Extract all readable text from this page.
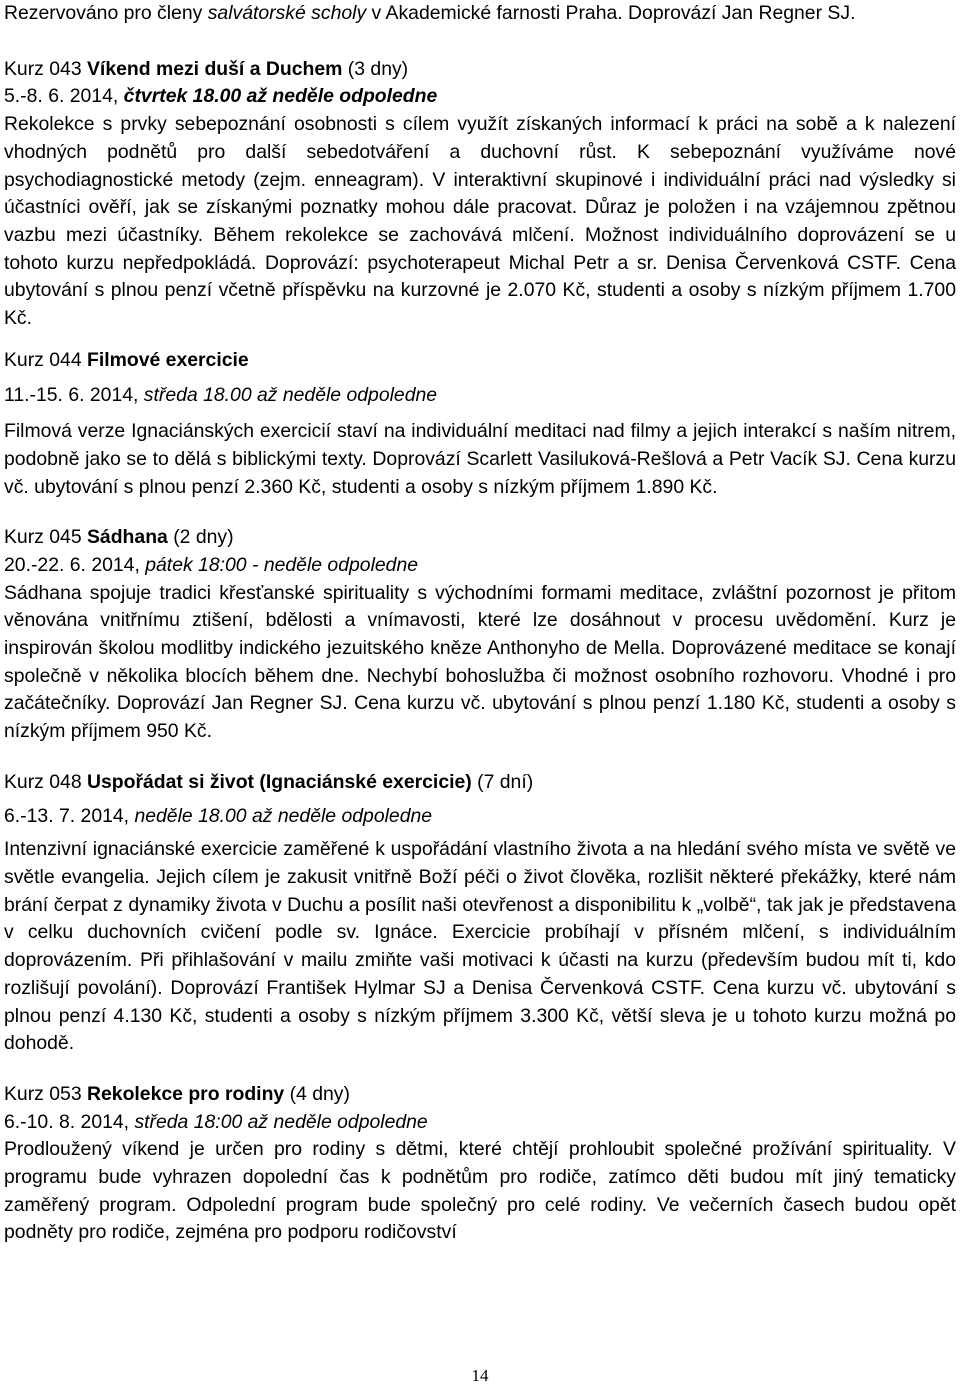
Rezervováno pro členy salvátorské scholy v Akademické farnosti Praha. Doprovází Jan Regner SJ.

Kurz 043 Víkend mezi duší a Duchem (3 dny)

5.-8. 6. 2014, čtvrtek 18.00 až neděle odpoledne

Rekolekce s prvky sebepoznání osobnosti s cílem využít získaných informací k práci na sobě a k nalezení vhodných podnětů pro další sebedotváření a duchovní růst. K sebepoznání využíváme nové psychodiagnostické metody (zejm. enneagram). V interaktivní skupinové i individuální práci nad výsledky si účastníci ověří, jak se získanými poznatky mohou dále pracovat. Důraz je položen i na vzájemnou zpětnou vazbu mezi účastníky. Během rekolekce se zachovává mlčení. Možnost individuálního doprovázení se u tohoto kurzu nepředpokládá. Doprovází: psychoterapeut Michal Petr a sr. Denisa Červenková CSTF. Cena ubytování s plnou penzí včetně příspěvku na kurzovné je 2.070 Kč, studenti a osoby s nízkým příjmem 1.700 Kč.

Kurz 044 Filmové exercicie

11.-15. 6. 2014, středa 18.00 až neděle odpoledne

Filmová verze Ignaciánských exercicií staví na individuální meditaci nad filmy a jejich interakcí s naším nitrem, podobně jako se to dělá s biblickými texty. Doprovází Scarlett Vasiluková-Rešlová a Petr Vacík SJ. Cena kurzu vč. ubytování s plnou penzí 2.360 Kč, studenti a osoby s nízkým příjmem 1.890 Kč.

Kurz 045 Sádhana (2 dny)

20.-22. 6. 2014, pátek 18:00 - neděle odpoledne

Sádhana spojuje tradici křesťanské spirituality s východními formami meditace, zvláštní pozornost je přitom věnována vnitřnímu ztišení, bdělosti a vnímavosti, které lze dosáhnout v procesu uvědomění. Kurz je inspirován školou modlitby indického jezuitského kněze Anthonyho de Mella. Doprovázené meditace se konají společně v několika blocích během dne. Nechybí bohoslužba či možnost osobního rozhovoru. Vhodné i pro začátečníky. Doprovází Jan Regner SJ. Cena kurzu vč. ubytování s plnou penzí 1.180 Kč, studenti a osoby s nízkým příjmem 950 Kč.

Kurz 048 Uspořádat si život (Ignaciánské exercicie) (7 dní)

6.-13. 7. 2014, neděle 18.00 až neděle odpoledne

Intenzivní ignaciánské exercicie zaměřené k uspořádání vlastního života a na hledání svého místa ve světě ve světle evangelia. Jejich cílem je zakusit vnitřně Boží péči o život člověka, rozlišit některé překážky, které nám brání čerpat z dynamiky života v Duchu a posílit naši otevřenost a disponibilitu k „volbě“, tak jak je představena v celku duchovních cvičení podle sv. Ignáce. Exercicie probíhají v přísném mlčení, s individuálním doprovázením. Při přihlašování v mailu zmiňte vaši motivaci k účasti na kurzu (především budou mít ti, kdo rozlišují povolání). Doprovází František Hylmar SJ a Denisa Červenková CSTF. Cena kurzu vč. ubytování s plnou penzí 4.130 Kč, studenti a osoby s nízkým příjmem 3.300 Kč, větší sleva je u tohoto kurzu možná po dohodě.

Kurz 053 Rekolekce pro rodiny (4 dny)

6.-10. 8. 2014, středa 18:00 až neděle odpoledne

Prodloužený víkend je určen pro rodiny s dětmi, které chtějí prohloubit společné prožívání spirituality. V programu bude vyhrazen dopolední čas k podnětům pro rodiče, zatímco děti budou mít jiný tematicky zaměřený program. Odpolední program bude společný pro celé rodiny. Ve večerních časech budou opět podněty pro rodiče, zejména pro podporu rodičovství

14
